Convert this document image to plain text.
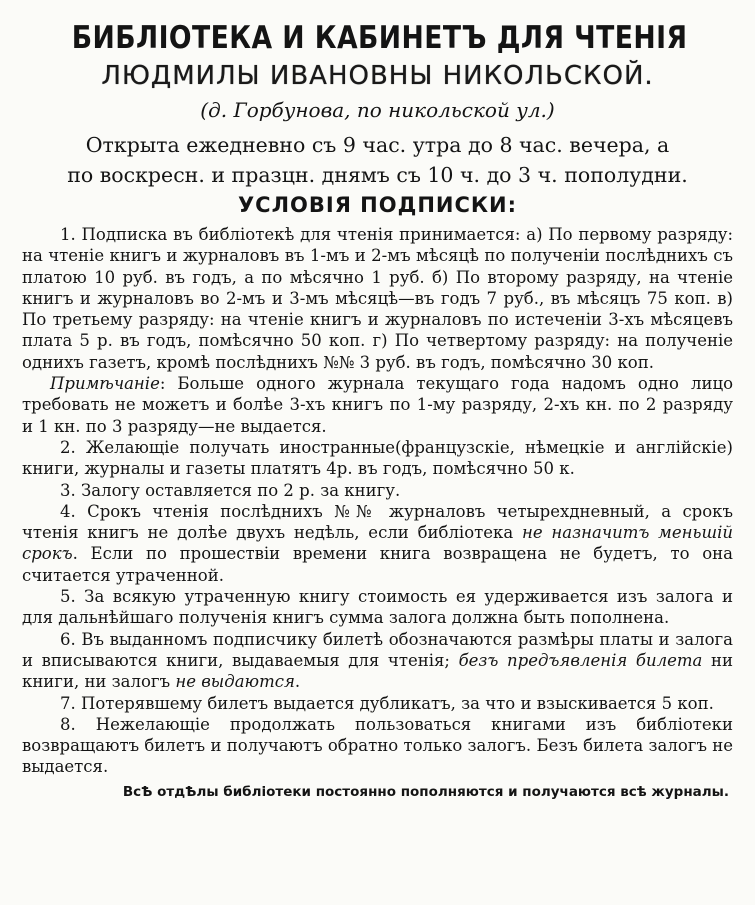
БИБЛIОТЕКА И КАБИНЕТЪ ДЛЯ ЧТЕНIЯ
ЛЮДМИЛЫ ИВАНОВНЫ НИКОЛЬСКОЙ.
(д. Горбунова, по никольской ул.)
Открыта ежедневно съ 9 час. утра до 8 час. вечера, а
по воскресн. и празцн. днямъ съ 10 ч. до 3 ч. пополудни.
УСЛОВIЯ ПОДПИСКИ:

1. Подписка въ библiотекѣ для чтенiя принимается: а) По первому разряду: на чтенiе книгъ и журналовъ въ 1-мъ и 2-мъ мѣсяцѣ по полученiи послѣднихъ съ платою 10 руб. въ годъ, а по мѣсячно 1 руб. б) По второму разряду, на чтенiе книгъ и журналовъ во 2-мъ и 3-мъ мѣсяцѣ—въ годъ 7 руб., въ мѣсяцъ 75 коп. в) По третьему разряду: на чтенiе книгъ и журналовъ по истеченiи 3-хъ мѣсяцевъ плата 5 р. въ годъ, помѣсячно 50 коп. г) По четвертому разряду: на полученiе однихъ газетъ, кромѣ послѣднихъ №№ 3 руб. въ годъ, помѣсячно 30 коп.

Примѣчанiе: Больше одного журнала текущаго года надомъ одно лицо требовать не можетъ и болѣе 3-хъ книгъ по 1-му разряду, 2-хъ кн. по 2 разряду и 1 кн. по 3 разряду—не выдается.

2. Желающiе получать иностранные(французскiе, нѣмецкiе и англiйскiе) книги, журналы и газеты платятъ 4р. въ годъ, помѣсячно 50 к.

3. Залогу оставляется по 2 р. за книгу.

4. Срокъ чтенiя послѣднихъ №№ журналовъ четырехдневный, а срокъ чтенiя книгъ не долѣе двухъ недѣль, если библiотека не назначитъ меньшiй срокъ. Если по прошествiи времени книга возвращена не будетъ, то она считается утраченной.

5. За всякую утраченную книгу стоимость ея удерживается изъ залога и для дальнѣйшаго полученiя книгъ сумма залога должна быть пополнена.

6. Въ выданномъ подписчику билетѣ обозначаются размѣры платы и залога и вписываются книги, выдаваемыя для чтенiя; безъ предъявленiя билета ни книги, ни залогъ не выдаются.

7. Потерявшему билетъ выдается дубликатъ, за что и взыскивается 5 коп.

8. Нежелающiе продолжать пользоваться книгами изъ библiотеки возвращаютъ билетъ и получаютъ обратно только залогъ. Безъ билета залогъ не выдается.

ВсѢ отдѢлы библiотеки постоянно пополняются и получаются всѣ журналы.
